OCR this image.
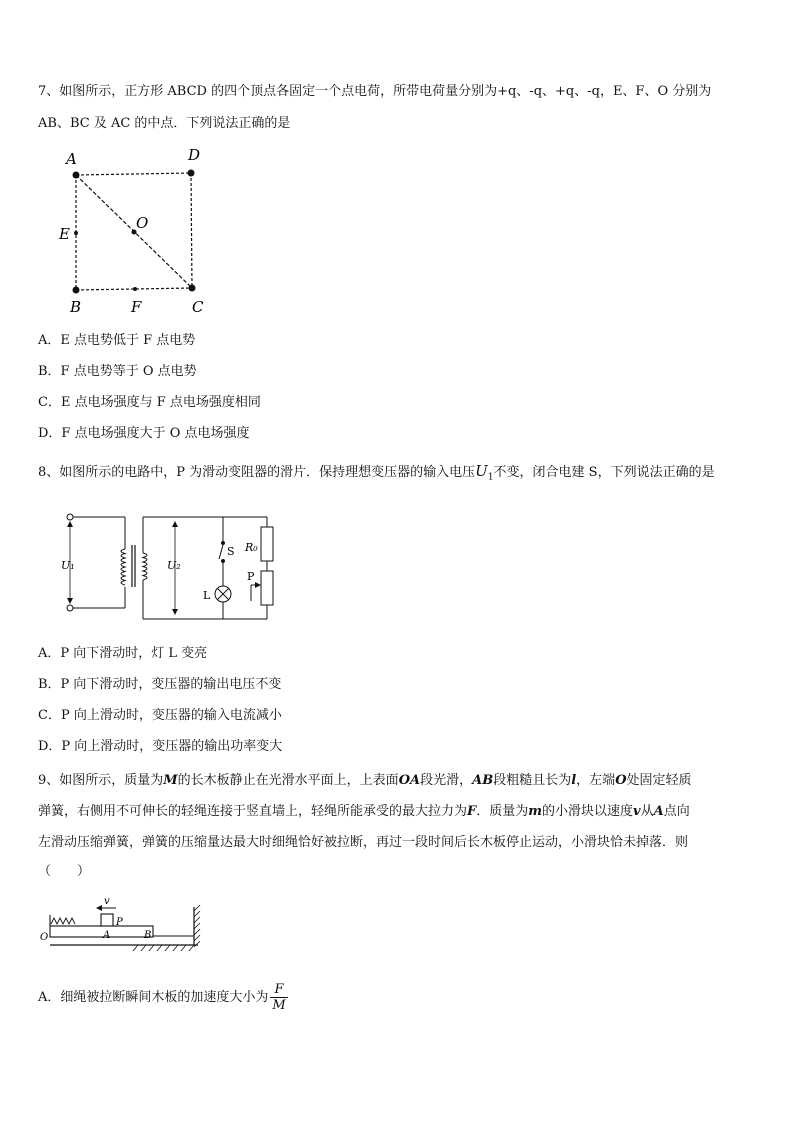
7、如图所示，正方形 ABCD 的四个顶点各固定一个点电荷，所带电荷量分别为+q、-q、+q、-q，E、F、O 分别为
AB、BC 及 AC 的中点．下列说法正确的是
A	D
E
O
B	F	C
A．E 点电势低于 F 点电势
B．F 点电势等于 O 点电势
C．E 点电场强度与 F 点电场强度相同
D．F 点电场强度大于 O 点电场强度
8、如图所示的电路中，P 为滑动变阻器的滑片．保持理想变压器的输入电压$U_1$不变，闭合电建 S，下列说法正确的是
U₁	U₂
S
L
R₀
P
A．P 向下滑动时，灯 L 变亮
B．P 向下滑动时，变压器的输出电压不变
C．P 向上滑动时，变压器的输入电流减小
D．P 向上滑动时，变压器的输出功率变大
9、如图所示，质量为M的长木板静止在光滑水平面上，上表面OA段光滑，AB段粗糙且长为l，左端O处固定轻质
弹簧，右侧用不可伸长的轻绳连接于竖直墙上，轻绳所能承受的最大拉力为F．质量为m的小滑块以速度v从A点向
左滑动压缩弹簧，弹簧的压缩量达最大时细绳恰好被拉断，再过一段时间后长木板停止运动，小滑块恰未掉落．则
（　　）
v
P
O	A	B
A．细绳被拉断瞬间木板的加速度大小为 $\frac{F}{M}$
